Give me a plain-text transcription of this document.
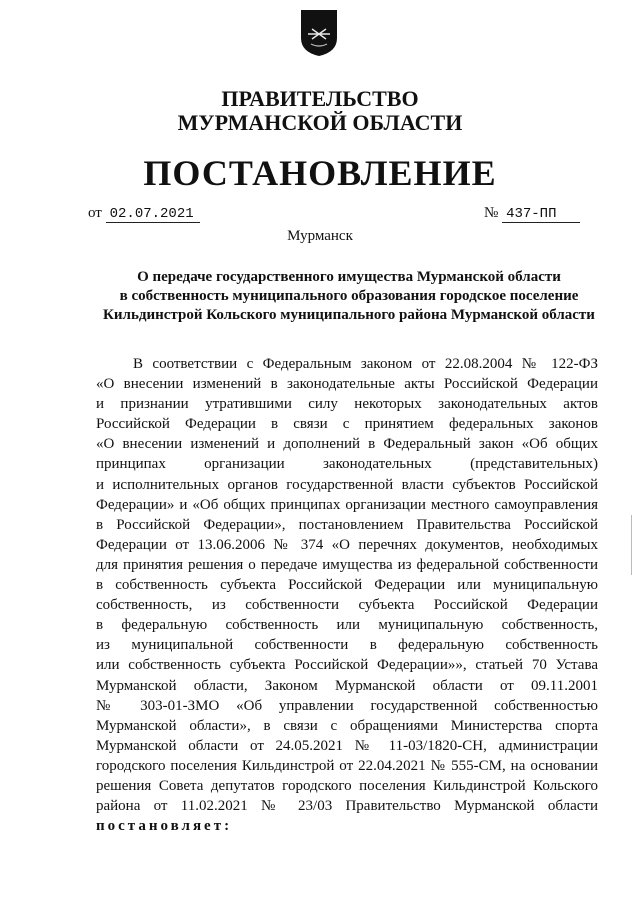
ПРАВИТЕЛЬСТВО
МУРМАНСКОЙ ОБЛАСТИ
ПОСТАНОВЛЕНИЕ
от 02.07.2021	№ 437-ПП
Мурманск
О передаче государственного имущества Мурманской области
в собственность муниципального образования городское поселение
Кильдинстрой Кольского муниципального района Мурманской области
В соответствии с Федеральным законом от 22.08.2004 № 122-ФЗ
«О внесении изменений в законодательные акты Российской Федерации
и признании утратившими силу некоторых законодательных актов
Российской Федерации в связи с принятием федеральных законов
«О внесении изменений и дополнений в Федеральный закон «Об общих
принципах организации законодательных (представительных)
и исполнительных органов государственной власти субъектов Российской
Федерации» и «Об общих принципах организации местного самоуправления
в Российской Федерации», постановлением Правительства Российской
Федерации от 13.06.2006 № 374 «О перечнях документов, необходимых
для принятия решения о передаче имущества из федеральной собственности
в собственность субъекта Российской Федерации или муниципальную
собственность, из собственности субъекта Российской Федерации
в федеральную собственность или муниципальную собственность,
из муниципальной собственности в федеральную собственность
или собственность субъекта Российской Федерации»», статьей 70 Устава
Мурманской области, Законом Мурманской области от 09.11.2001
№ 303-01-ЗМО «Об управлении государственной собственностью
Мурманской области», в связи с обращениями Министерства спорта
Мурманской области от 24.05.2021 № 11-03/1820-СН, администрации
городского поселения Кильдинстрой от 22.04.2021 № 555-СМ, на основании
решения Совета депутатов городского поселения Кильдинстрой Кольского
района от 11.02.2021 № 23/03 Правительство Мурманской области
постановляет:
